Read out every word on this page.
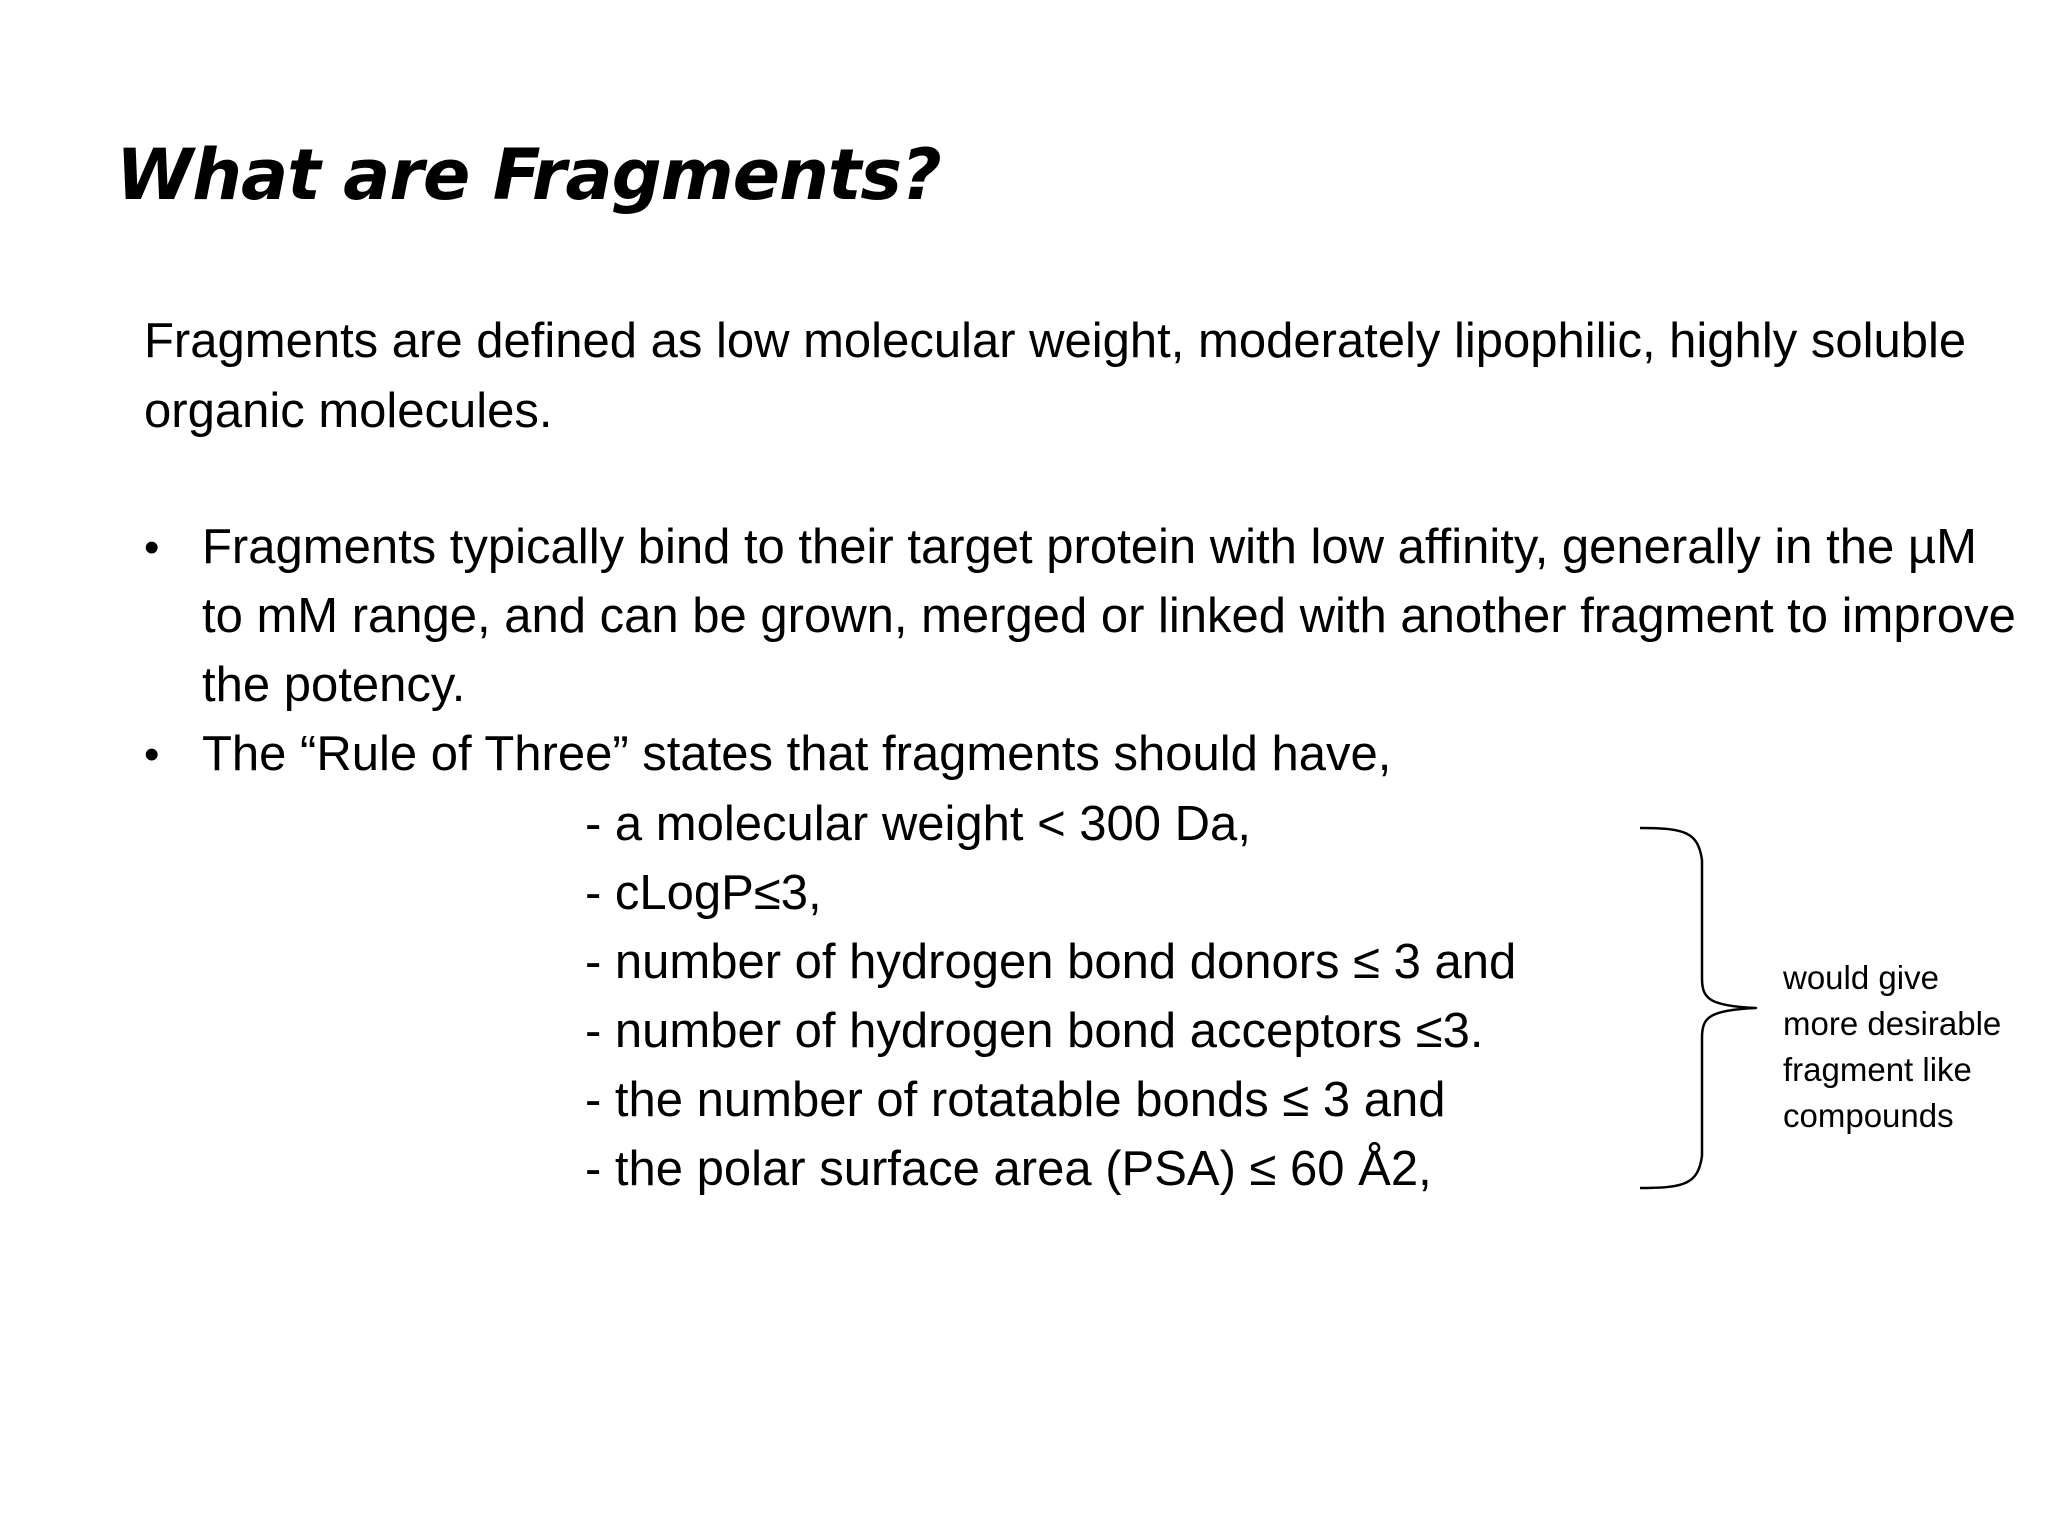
What are Fragments?

Fragments are defined as low molecular weight, moderately lipophilic, highly soluble organic molecules.

• Fragments typically bind to their target protein with low affinity, generally in the µM to mM range, and can be grown, merged or linked with another fragment to improve the potency.
• The “Rule of Three” states that fragments should have,
- a molecular weight < 300 Da,
- cLogP≤3,
- number of hydrogen bond donors ≤ 3 and
- number of hydrogen bond acceptors ≤3.
- the number of rotatable bonds ≤ 3 and
- the polar surface area (PSA) ≤ 60 Å2,
would give
more desirable
fragment like
compounds
